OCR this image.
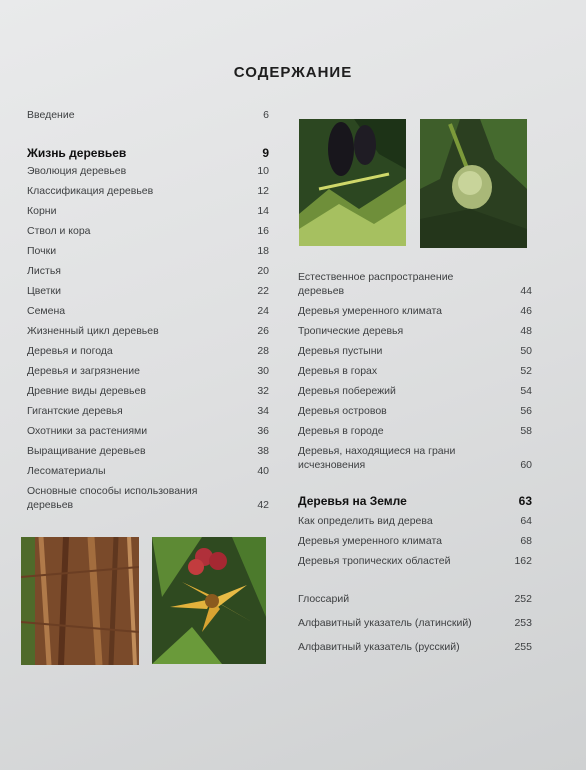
СОДЕРЖАНИЕ
Введение	6
Жизнь деревьев	9
Эволюция деревьев	10
Классификация деревьев	12
Корни	14
Ствол и кора	16
Почки	18
Листья	20
Цветки	22
Семена	24
Жизненный цикл деревьев	26
Деревья и погода	28
Деревья и загрязнение	30
Древние виды деревьев	32
Гигантские деревья	34
Охотники за растениями	36
Выращивание деревьев	38
Лесоматериалы	40
Основные способы использования деревьев	42
Естественное распространение деревьев	44
Деревья умеренного климата	46
Тропические деревья	48
Деревья пустыни	50
Деревья в горах	52
Деревья побережий	54
Деревья островов	56
Деревья в городе	58
Деревья, находящиеся на грани исчезновения	60
Деревья на Земле	63
Как определить вид дерева	64
Деревья умеренного климата	68
Деревья тропических областей	162
Глоссарий	252
Алфавитный указатель (латинский)	253
Алфавитный указатель (русский)	255
